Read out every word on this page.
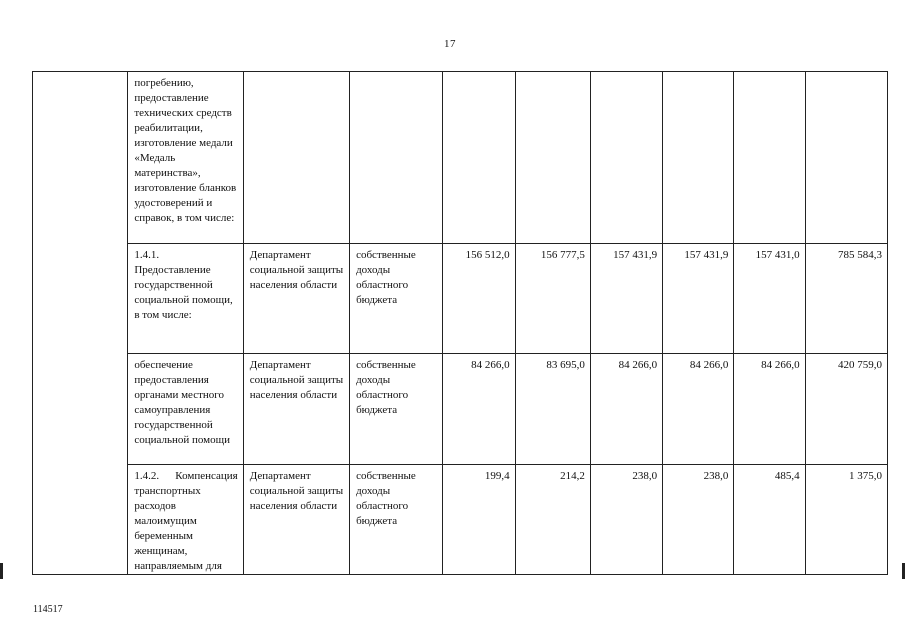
17
	погребению, предоставление технических средств реабилитации, изготовление медали «Медаль материнства», изготовление бланков удостоверений и справок, в том числе:								
	1.4.1. Предоставление государственной социальной помощи, в том числе:	Департамент социальной защиты населения области	собственные доходы областного бюджета	156 512,0	156 777,5	157 431,9	157 431,9	157 431,0	785 584,3
	обеспечение предоставления органами местного самоуправления государственной социальной помощи	Департамент социальной защиты населения области	собственные доходы областного бюджета	84 266,0	83 695,0	84 266,0	84 266,0	84 266,0	420 759,0
	1.4.2. Компенсация транспортных расходов малоимущим беременным женщинам, направляемым для	Департамент социальной защиты населения области	собственные доходы областного бюджета	199,4	214,2	238,0	238,0	485,4	1 375,0
114517
